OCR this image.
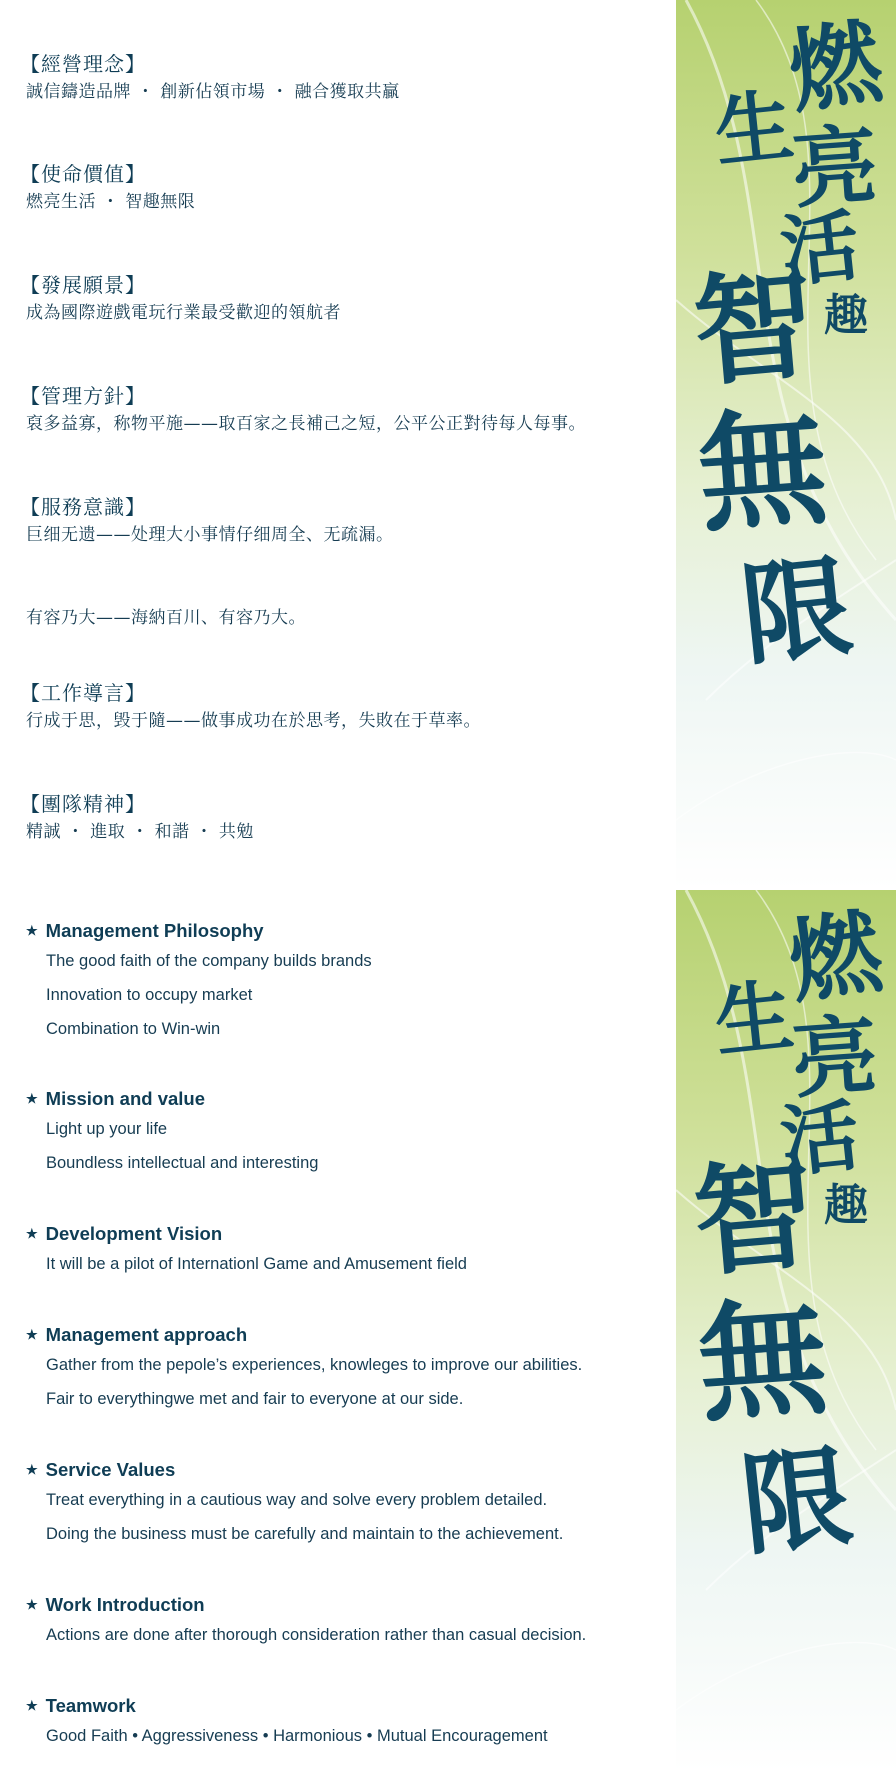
【經營理念】

誠信鑄造品牌 ・ 創新佔領市場 ・ 融合獲取共贏

【使命價值】

燃亮生活 ・ 智趣無限

【發展願景】

成為國際遊戲電玩行業最受歡迎的領航者

【管理方針】

裒多益寡，称物平施——取百家之長補己之短，公平公正對待每人每事。

【服務意識】

巨细无遗——处理大小事情仔细周全、无疏漏。

有容乃大——海納百川、有容乃大。

【工作導言】

行成于思，毁于隨——做事成功在於思考，失敗在于草率。

【團隊精神】

精誠 ・ 進取 ・ 和諧 ・ 共勉

★ Management Philosophy

The good faith of the company builds brands

Innovation to occupy market

Combination to Win-win

★ Mission and value

Light up your life

Boundless intellectual and interesting

★ Development Vision

It will be a pilot of Internationl Game and Amusement field

★ Management approach

Gather from the pepole’s experiences, knowleges to improve our abilities.

Fair to everythingwe met and fair to everyone at our side.

★ Service Values

Treat everything in a cautious way and solve every problem detailed.

Doing the business must be carefully and maintain to the achievement.

★ Work Introduction

Actions are done after thorough consideration rather than casual decision.

★ Teamwork

Good Faith • Aggressiveness • Harmonious • Mutual Encouragement

燃
生
亮
活
智 趣
無
限
燃
生
亮
活
智 趣
無
限
